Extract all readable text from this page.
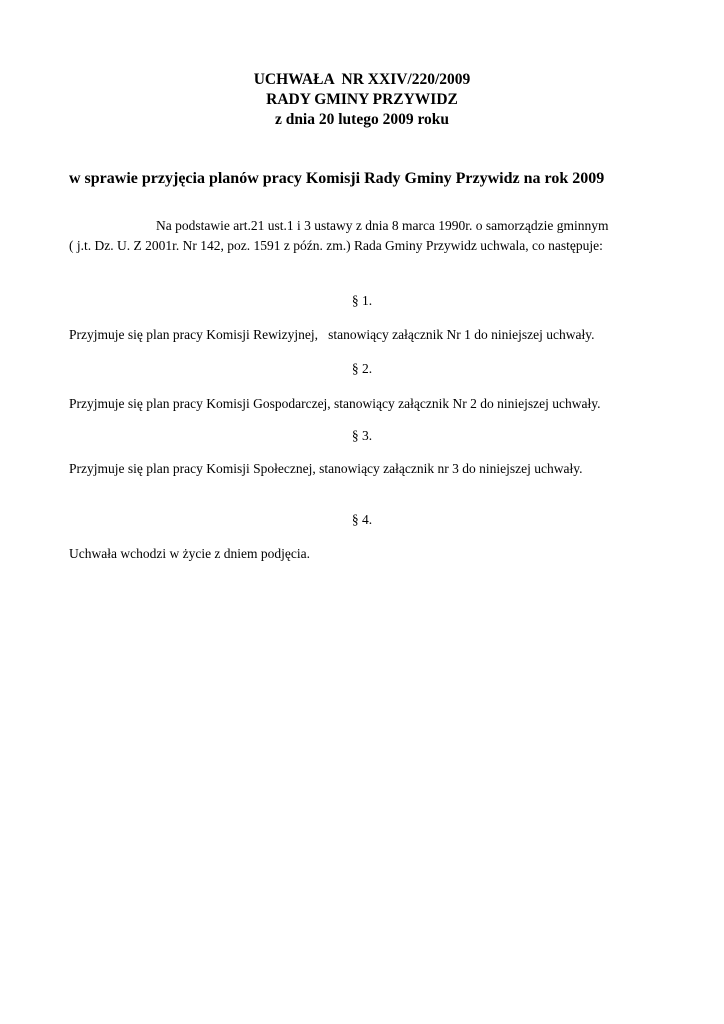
UCHWAŁA  NR XXIV/220/2009
RADY GMINY PRZYWIDZ
z dnia 20 lutego 2009 roku
w sprawie przyjęcia planów pracy Komisji Rady Gminy Przywidz na rok 2009
Na podstawie art.21 ust.1 i 3 ustawy z dnia 8 marca 1990r. o samorządzie gminnym
( j.t. Dz. U. Z 2001r. Nr 142, poz. 1591 z późn. zm.) Rada Gminy Przywidz uchwala, co następuje:
§ 1.
Przyjmuje się plan pracy Komisji Rewizyjnej,   stanowiący załącznik Nr 1 do niniejszej uchwały.
§ 2.
Przyjmuje się plan pracy Komisji Gospodarczej, stanowiący załącznik Nr 2 do niniejszej uchwały.
§ 3.
Przyjmuje się plan pracy Komisji Społecznej, stanowiący załącznik nr 3 do niniejszej uchwały.
§ 4.
Uchwała wchodzi w życie z dniem podjęcia.
